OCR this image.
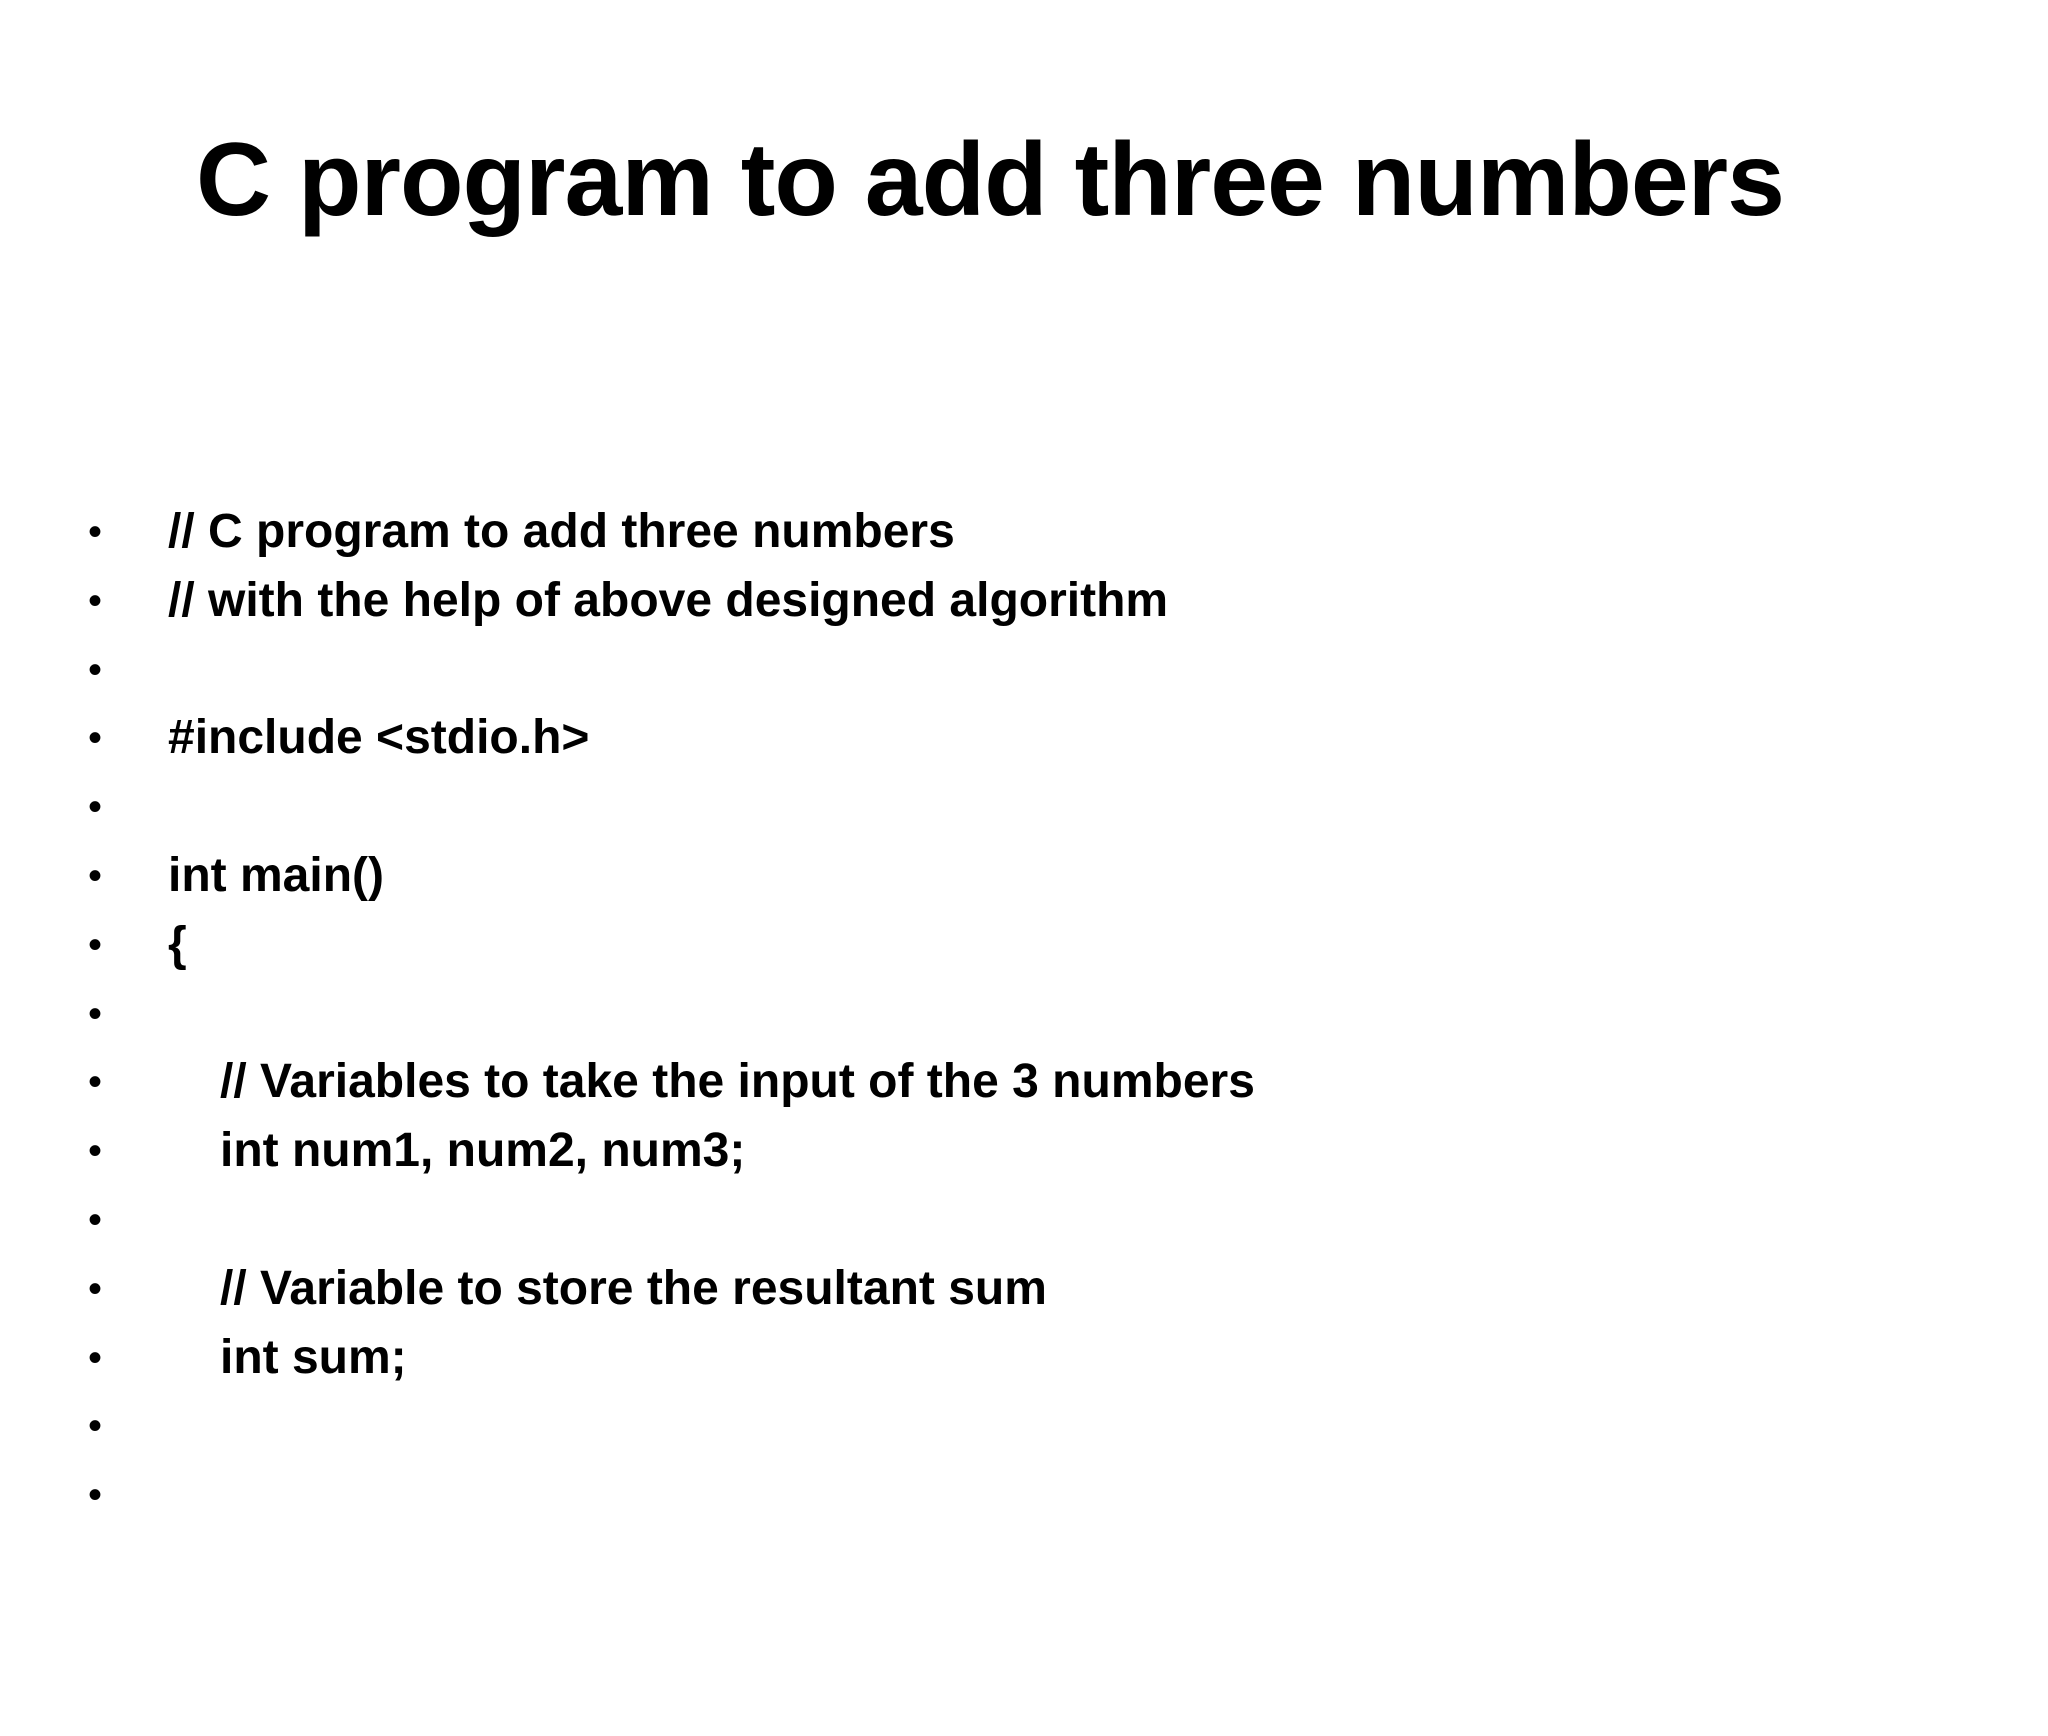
C program to add three numbers

•

// C program to add three numbers

•

// with the help of above designed algorithm

•

•

#include <stdio.h>

•

•

int main()

•

{

•

•

// Variables to take the input of the 3 numbers

•

int num1, num2, num3;

•

•

// Variable to store the resultant sum

•

int sum;

•

•
